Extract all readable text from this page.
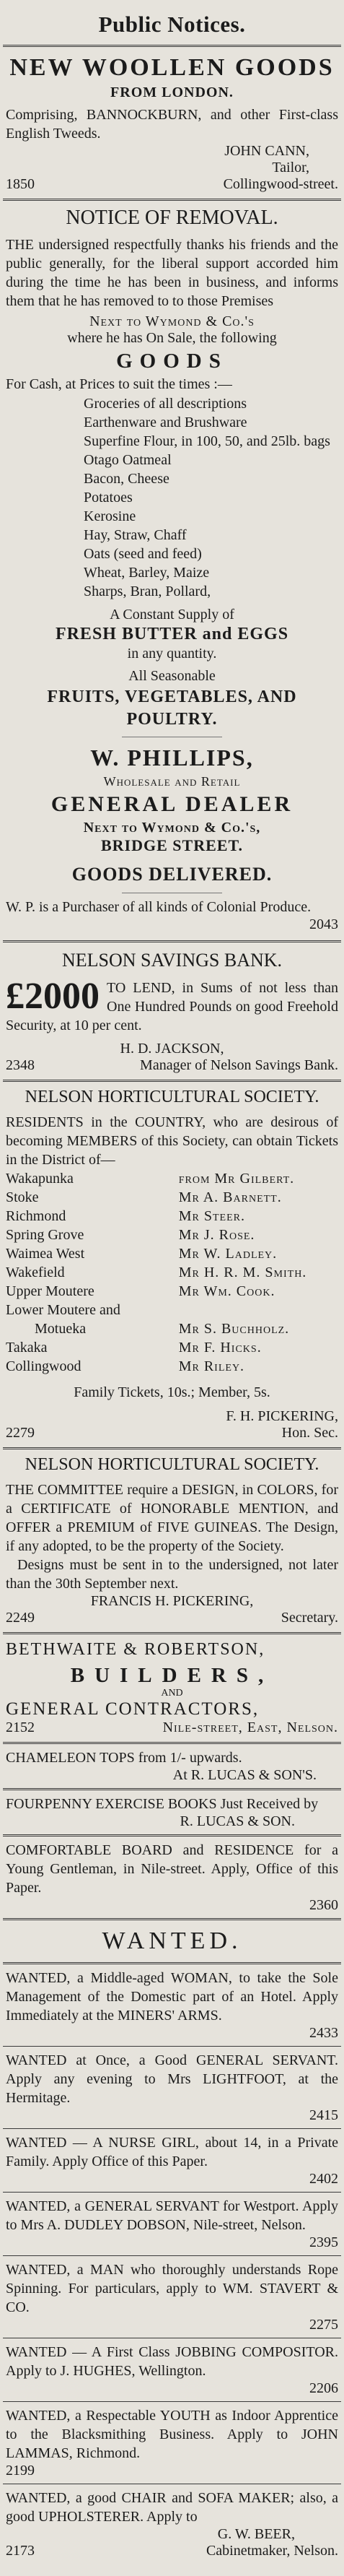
Public Notices.
NEW WOOLLEN GOODS
FROM LONDON.
Comprising, BANNOCKBURN, and other First-class English Tweeds.
JOHN CANN,
Tailor,
1850	Collingwood-street.
NOTICE OF REMOVAL.
THE undersigned respectfully thanks his friends and the public generally, for the liberal support accorded him during the time he has been in business, and informs them that he has removed to to those Premises
Next to Wymond & Co.'s
where he has On Sale, the following
GOODS
For Cash, at Prices to suit the times :—
Groceries of all descriptions
Earthenware and Brushware
Superfine Flour, in 100, 50, and 25lb. bags
Otago Oatmeal
Bacon, Cheese
Potatoes
Kerosine
Hay, Straw, Chaff
Oats (seed and feed)
Wheat, Barley, Maize
Sharps, Bran, Pollard,
A Constant Supply of
FRESH BUTTER and EGGS
in any quantity.
All Seasonable
FRUITS, VEGETABLES, AND
POULTRY.
W. PHILLIPS,
Wholesale and Retail
GENERAL DEALER
Next to Wymond & Co.'s,
BRIDGE STREET.
GOODS DELIVERED.
W. P. is a Purchaser of all kinds of Colonial Produce.
2043
NELSON SAVINGS BANK.
£2000 TO LEND, in Sums of not less than One Hundred Pounds on good Freehold Security, at 10 per cent.
H. D. JACKSON,
2348	Manager of Nelson Savings Bank.
NELSON HORTICULTURAL SOCIETY.
RESIDENTS in the COUNTRY, who are desirous of becoming MEMBERS of this Society, can obtain Tickets in the District of—
Wakapunka	from Mr Gilbert.
Stoke	Mr A. Barnett.
Richmond	Mr Steer.
Spring Grove	Mr J. Rose.
Waimea West	Mr W. Ladley.
Wakefield	Mr H. R. M. Smith.
Upper Moutere	Mr Wm. Cook.
Lower Moutere and	
Motueka	Mr S. Buchholz.
Takaka	Mr F. Hicks.
Collingwood	Mr Riley.
Family Tickets, 10s.; Member, 5s.
2279
F. H. PICKERING,
Hon. Sec.
NELSON HORTICULTURAL SOCIETY.
THE COMMITTEE require a DESIGN, in COLORS, for a CERTIFICATE of HONORABLE MENTION, and OFFER a PREMIUM of FIVE GUINEAS. The Design, if any adopted, to be the property of the Society.
Designs must be sent in to the undersigned, not later than the 30th September next.
FRANCIS H. PICKERING,
2249	Secretary.
BETHWAITE & ROBERTSON,
BUILDERS,
AND
GENERAL CONTRACTORS,
2152	Nile-street, East, Nelson.
CHAMELEON TOPS from 1/- upwards.
At R. LUCAS & SON'S.
FOURPENNY EXERCISE BOOKS Just Received by
R. LUCAS & SON.
COMFORTABLE BOARD and RESIDENCE for a Young Gentleman, in Nile-street. Apply, Office of this Paper.
2360
WANTED.
WANTED, a Middle-aged WOMAN, to take the Sole Management of the Domestic part of an Hotel. Apply Immediately at the MINERS' ARMS.
2433
WANTED at Once, a Good GENERAL SERVANT. Apply any evening to Mrs LIGHTFOOT, at the Hermitage.
2415
WANTED — A NURSE GIRL, about 14, in a Private Family. Apply Office of this Paper.
2402
WANTED, a GENERAL SERVANT for Westport. Apply to Mrs A. DUDLEY DOBSON, Nile-street, Nelson.
2395
WANTED, a MAN who thoroughly understands Rope Spinning. For particulars, apply to WM. STAVERT & CO.
2275
WANTED — A First Class JOBBING COMPOSITOR. Apply to J. HUGHES, Wellington.
2206
WANTED, a Respectable YOUTH as Indoor Apprentice to the Blacksmithing Business. Apply to JOHN LAMMAS, Richmond.
2199
WANTED, a good CHAIR and SOFA MAKER; also, a good UPHOLSTERER. Apply to
G. W. BEER,
2173	Cabinetmaker, Nelson.
